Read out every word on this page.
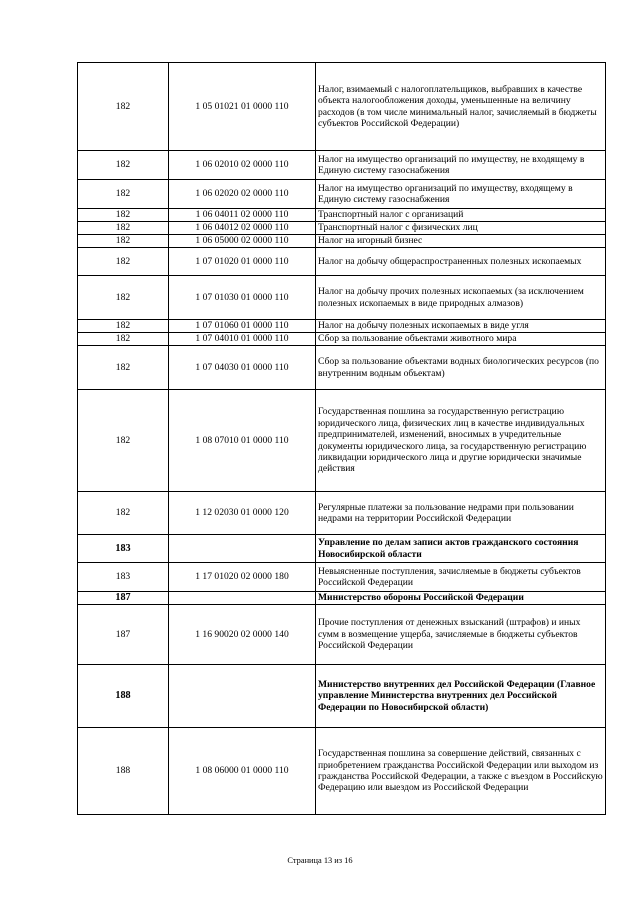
182	1 05 01021 01 0000 110	Налог, взимаемый с налогоплательщиков, выбравших в качестве объекта налогообложения доходы, уменьшенные на величину расходов (в том числе минимальный налог, зачисляемый в бюджеты субъектов Российской Федерации)
182	1 06 02010 02 0000 110	Налог на имущество организаций по имуществу, не входящему в Единую систему газоснабжения
182	1 06 02020 02 0000 110	Налог на имущество организаций по имуществу, входящему в Единую систему газоснабжения
182	1 06 04011 02 0000 110	Транспортный налог с организаций
182	1 06 04012 02 0000 110	Транспортный налог с физических лиц
182	1 06 05000 02 0000 110	Налог на игорный бизнес
182	1 07 01020 01 0000 110	Налог на добычу общераспространенных полезных ископаемых
182	1 07 01030 01 0000 110	Налог на добычу прочих полезных ископаемых (за исключением полезных ископаемых в виде природных алмазов)
182	1 07 01060 01 0000 110	Налог на добычу полезных ископаемых в виде угля
182	1 07 04010 01 0000 110	Сбор за пользование объектами животного мира
182	1 07 04030 01 0000 110	Сбор за пользование объектами водных биологических ресурсов (по внутренним водным объектам)
182	1 08 07010 01 0000 110	Государственная пошлина за государственную регистрацию юридического лица, физических лиц в качестве индивидуальных предпринимателей, изменений, вносимых в учредительные документы юридического лица, за государственную регистрацию ликвидации юридического лица и другие юридически значимые действия
182	1 12 02030 01 0000 120	Регулярные платежи за пользование недрами при пользовании недрами на территории Российской Федерации
183		Управление по делам записи актов гражданского состояния Новосибирской области
183	1 17 01020 02 0000 180	Невыясненные поступления, зачисляемые в бюджеты субъектов Российской Федерации
187		Министерство обороны Российской Федерации
187	1 16 90020 02 0000 140	Прочие поступления от денежных взысканий (штрафов) и иных сумм в возмещение ущерба, зачисляемые в бюджеты субъектов Российской Федерации
188		Министерство внутренних дел Российской Федерации (Главное управление Министерства внутренних дел Российской Федерации по Новосибирской области)
188	1 08 06000 01 0000 110	Государственная пошлина за совершение действий, связанных с приобретением гражданства Российской Федерации или выходом из гражданства Российской Федерации, а также с въездом в Российскую Федерацию или выездом из Российской Федерации
Страница 13 из 16
